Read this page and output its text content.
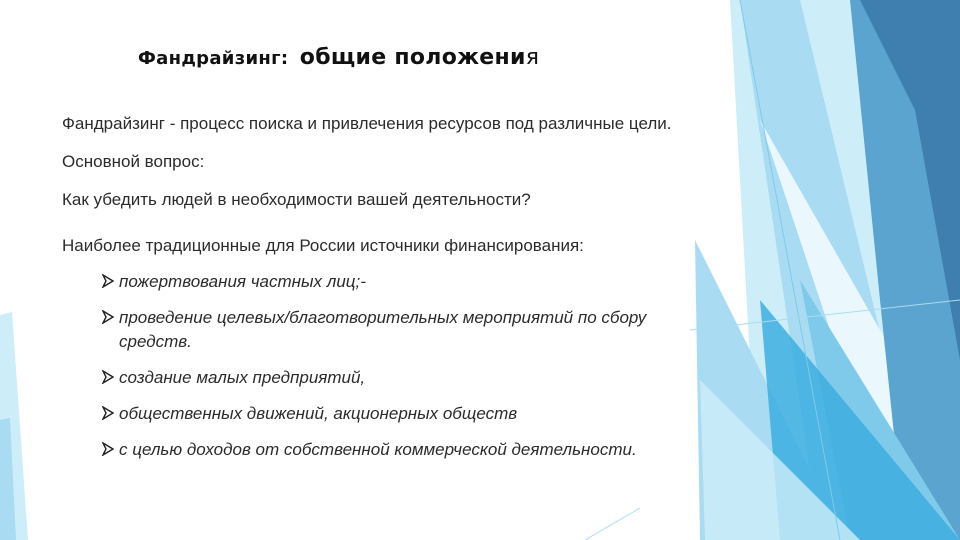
Фандрайзинг: общие положения

Фандрайзинг - процесс поиска и привлечения ресурсов под различные цели.

Основной вопрос:

Как убедить людей в необходимости вашей деятельности?

Наиболее традиционные для России источники финансирования:

пожертвования частных лиц;-
проведение целевых/благотворительных мероприятий по сбору средств.
создание малых предприятий,
общественных движений, акционерных обществ
с целью доходов от собственной коммерческой деятельности.
